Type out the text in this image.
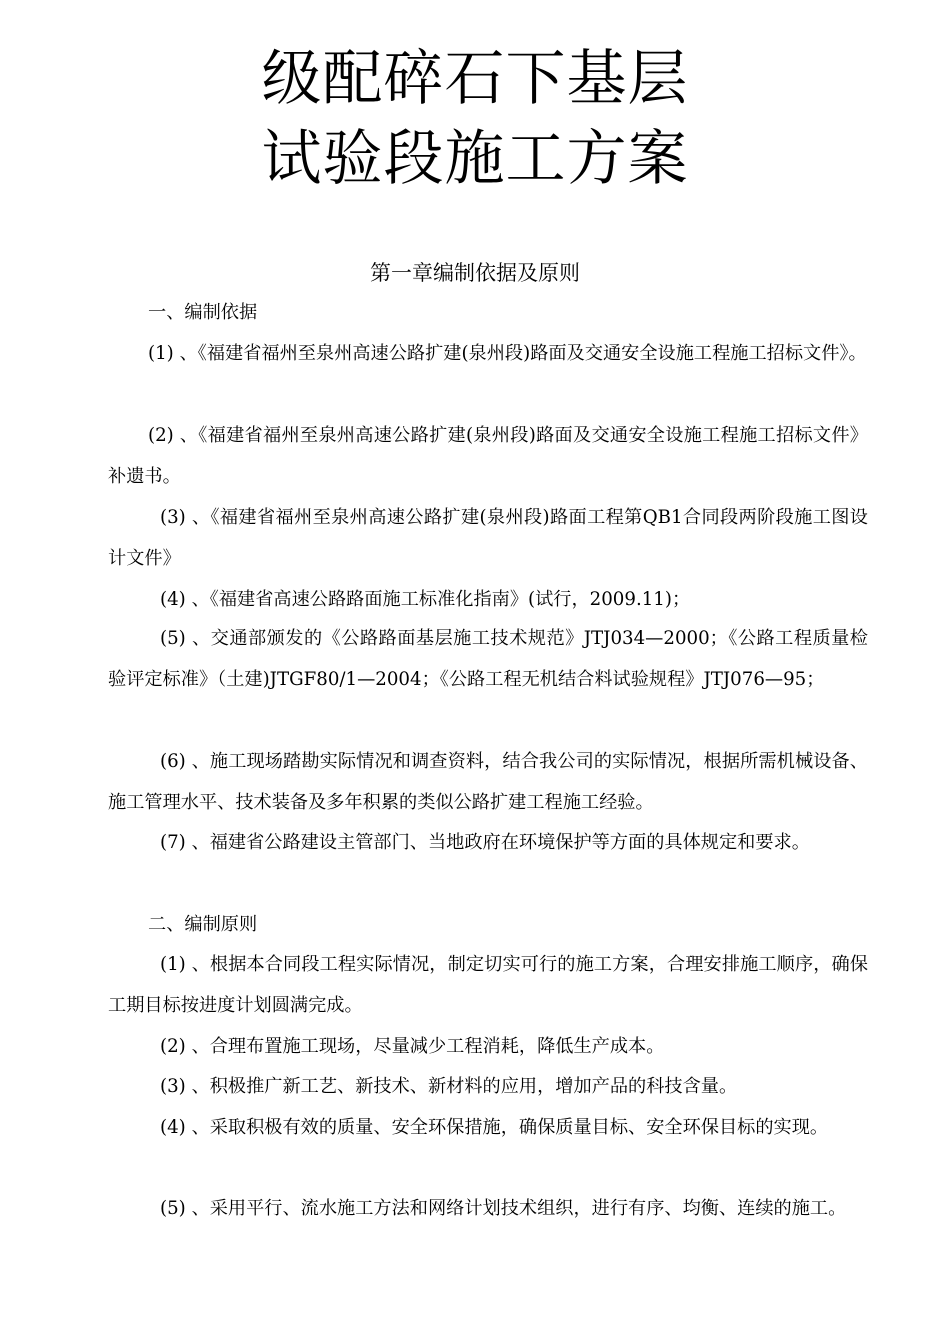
级配碎石下基层
试验段施工方案
第一章编制依据及原则
一、编制依据
(1) 、《福建省福州至泉州高速公路扩建(泉州段)路面及交通安全设施工程施工招标文件》。
(2) 、《福建省福州至泉州高速公路扩建(泉州段)路面及交通安全设施工程施工招标文件》补遗书。
(3) 、《福建省福州至泉州高速公路扩建(泉州段)路面工程第QB1合同段两阶段施工图设计文件》
(4) 、《福建省高速公路路面施工标准化指南》(试行，2009.11)；
(5) 、交通部颁发的《公路路面基层施工技术规范》JTJ034—2000；《公路工程质量检验评定标准》（土建)JTGF80/1—2004；《公路工程无机结合料试验规程》JTJ076—95；
(6) 、施工现场踏勘实际情况和调查资料，结合我公司的实际情况，根据所需机械设备、施工管理水平、技术装备及多年积累的类似公路扩建工程施工经验。
(7) 、福建省公路建设主管部门、当地政府在环境保护等方面的具体规定和要求。
二、编制原则
(1) 、根据本合同段工程实际情况，制定切实可行的施工方案，合理安排施工顺序，确保工期目标按进度计划圆满完成。
(2) 、合理布置施工现场，尽量减少工程消耗，降低生产成本。
(3) 、积极推广新工艺、新技术、新材料的应用，增加产品的科技含量。
(4) 、采取积极有效的质量、安全环保措施，确保质量目标、安全环保目标的实现。
(5) 、采用平行、流水施工方法和网络计划技术组织，进行有序、均衡、连续的施工。
